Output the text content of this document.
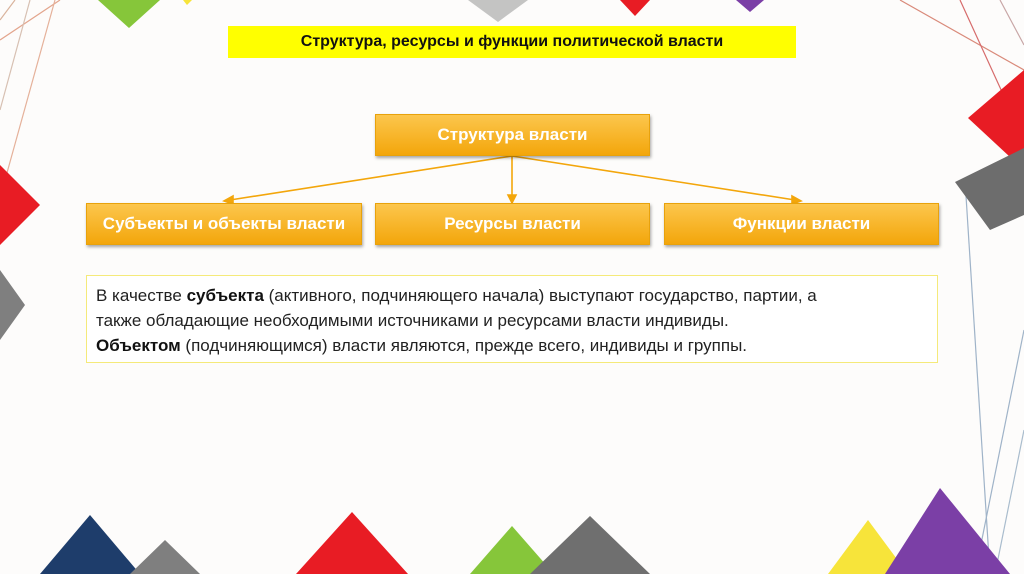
Структура, ресурсы и функции политической власти
Структура власти
Субъекты и объекты власти	Ресурсы власти	Функции власти
В качестве субъекта (активного, подчиняющего начала) выступают государство, партии, а
также обладающие необходимыми источниками и ресурсами власти индивиды.
Объектом (подчиняющимся) власти являются, прежде всего, индивиды и группы.
